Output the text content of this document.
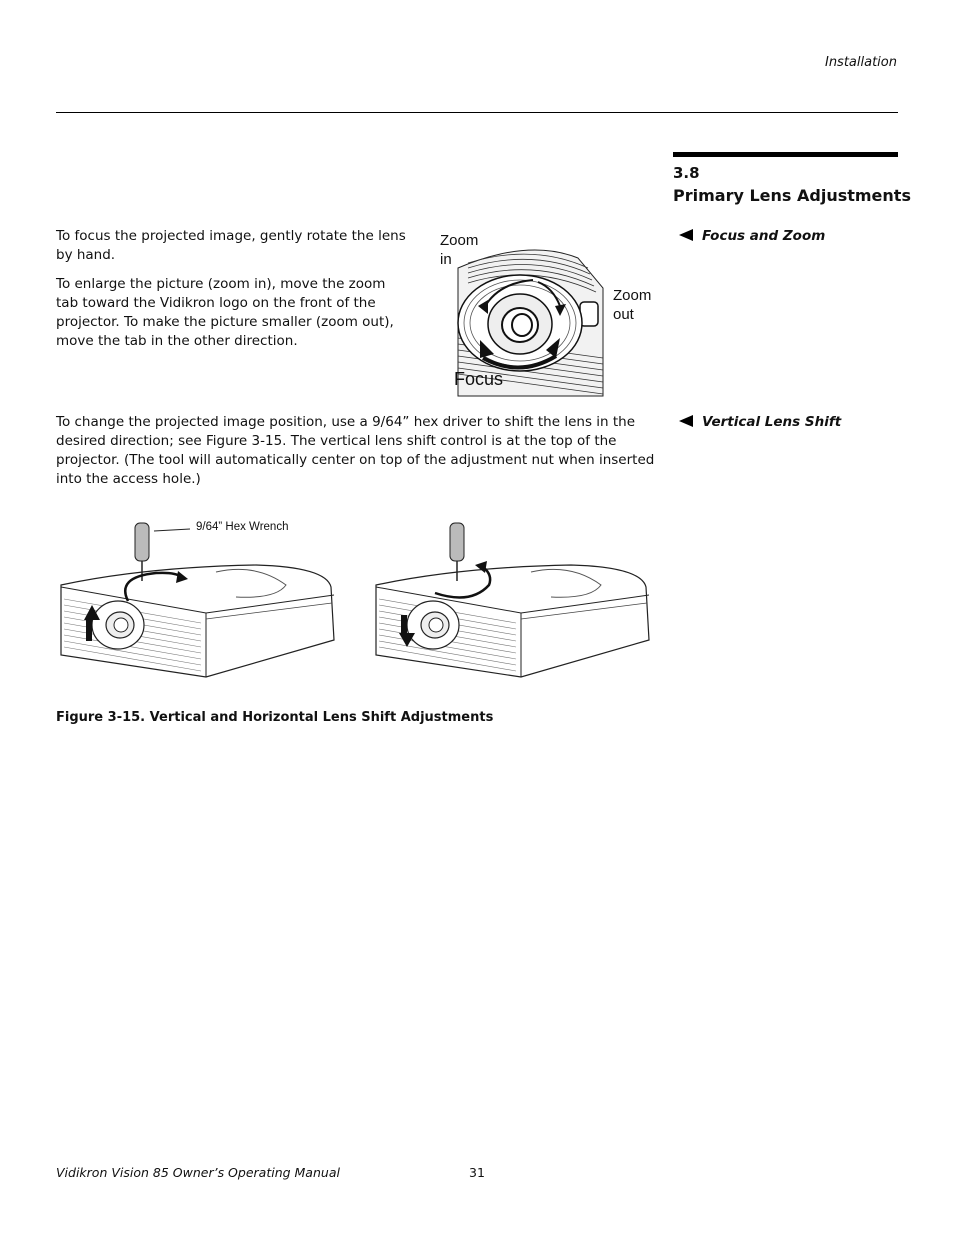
Installation
3.8
Primary Lens Adjustments
Focus and Zoom
To focus the projected image, gently rotate the lens by hand.
To enlarge the picture (zoom in), move the zoom tab toward the Vidikron logo on the front of the projector. To make the picture smaller (zoom out), move the tab in the other direction.
Zoom in
Zoom out
Focus
Vertical Lens Shift
To change the projected image position, use a 9/64” hex driver to shift the lens in the desired direction; see Figure 3-15. The vertical lens shift control is at the top of the projector. (The tool will automatically center on top of the adjustment nut when inserted into the access hole.)
9/64” Hex Wrench
Figure 3-15. Vertical and Horizontal Lens Shift Adjustments
Vidikron Vision 85 Owner’s Operating Manual	31
